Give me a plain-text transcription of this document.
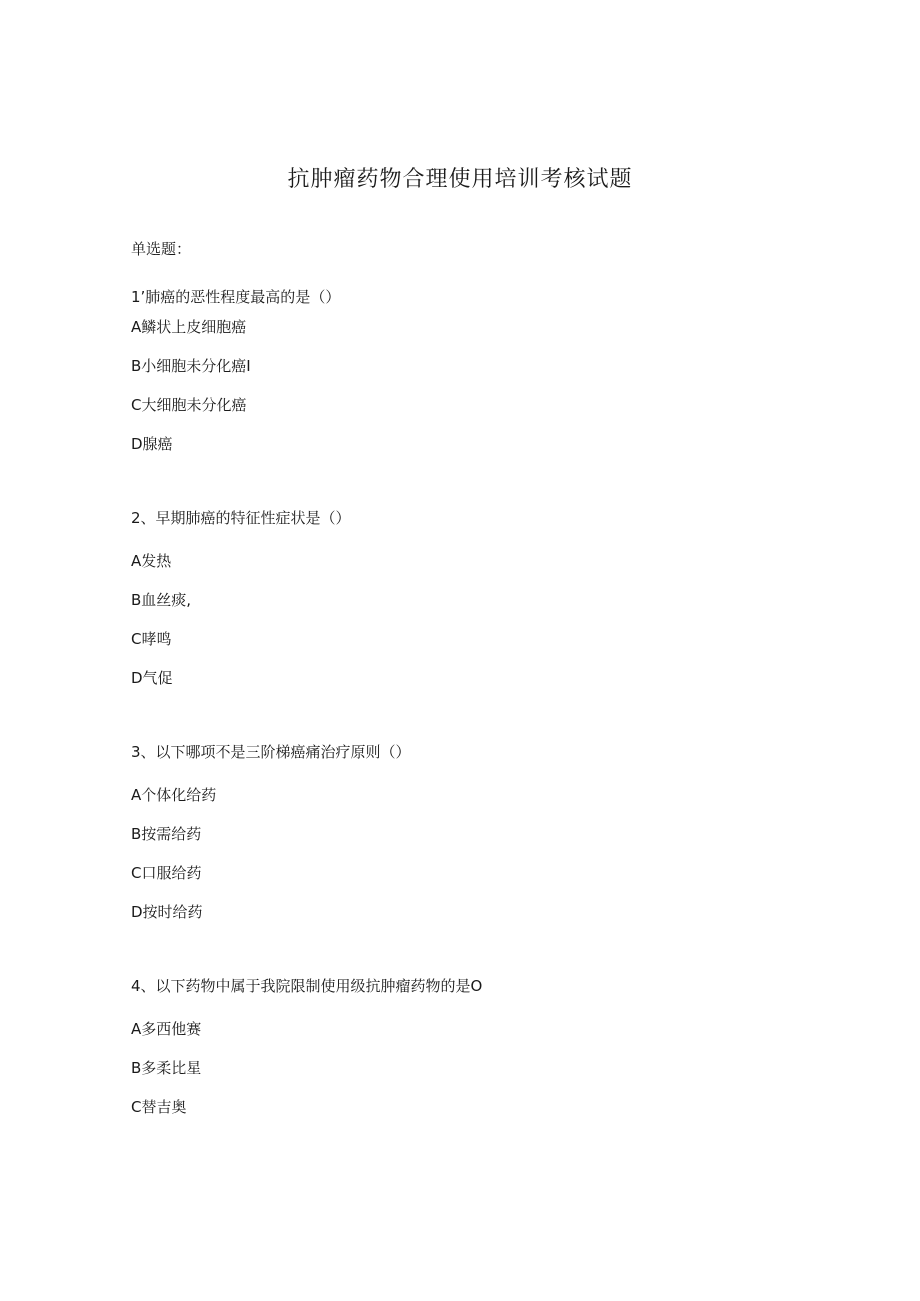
抗肿瘤药物合理使用培训考核试题
单选题：
1’肺癌的恶性程度最高的是（）
A鳞状上皮细胞癌
B小细胞未分化癌I
C大细胞未分化癌
D腺癌
2、早期肺癌的特征性症状是（）
A发热
B血丝痰,
C哮鸣
D气促
3、以下哪项不是三阶梯癌痛治疗原则（）
A个体化给药
B按需给药
C口服给药
D按时给药
4、以下药物中属于我院限制使用级抗肿瘤药物的是O
A多西他赛
B多柔比星
C替吉奥
